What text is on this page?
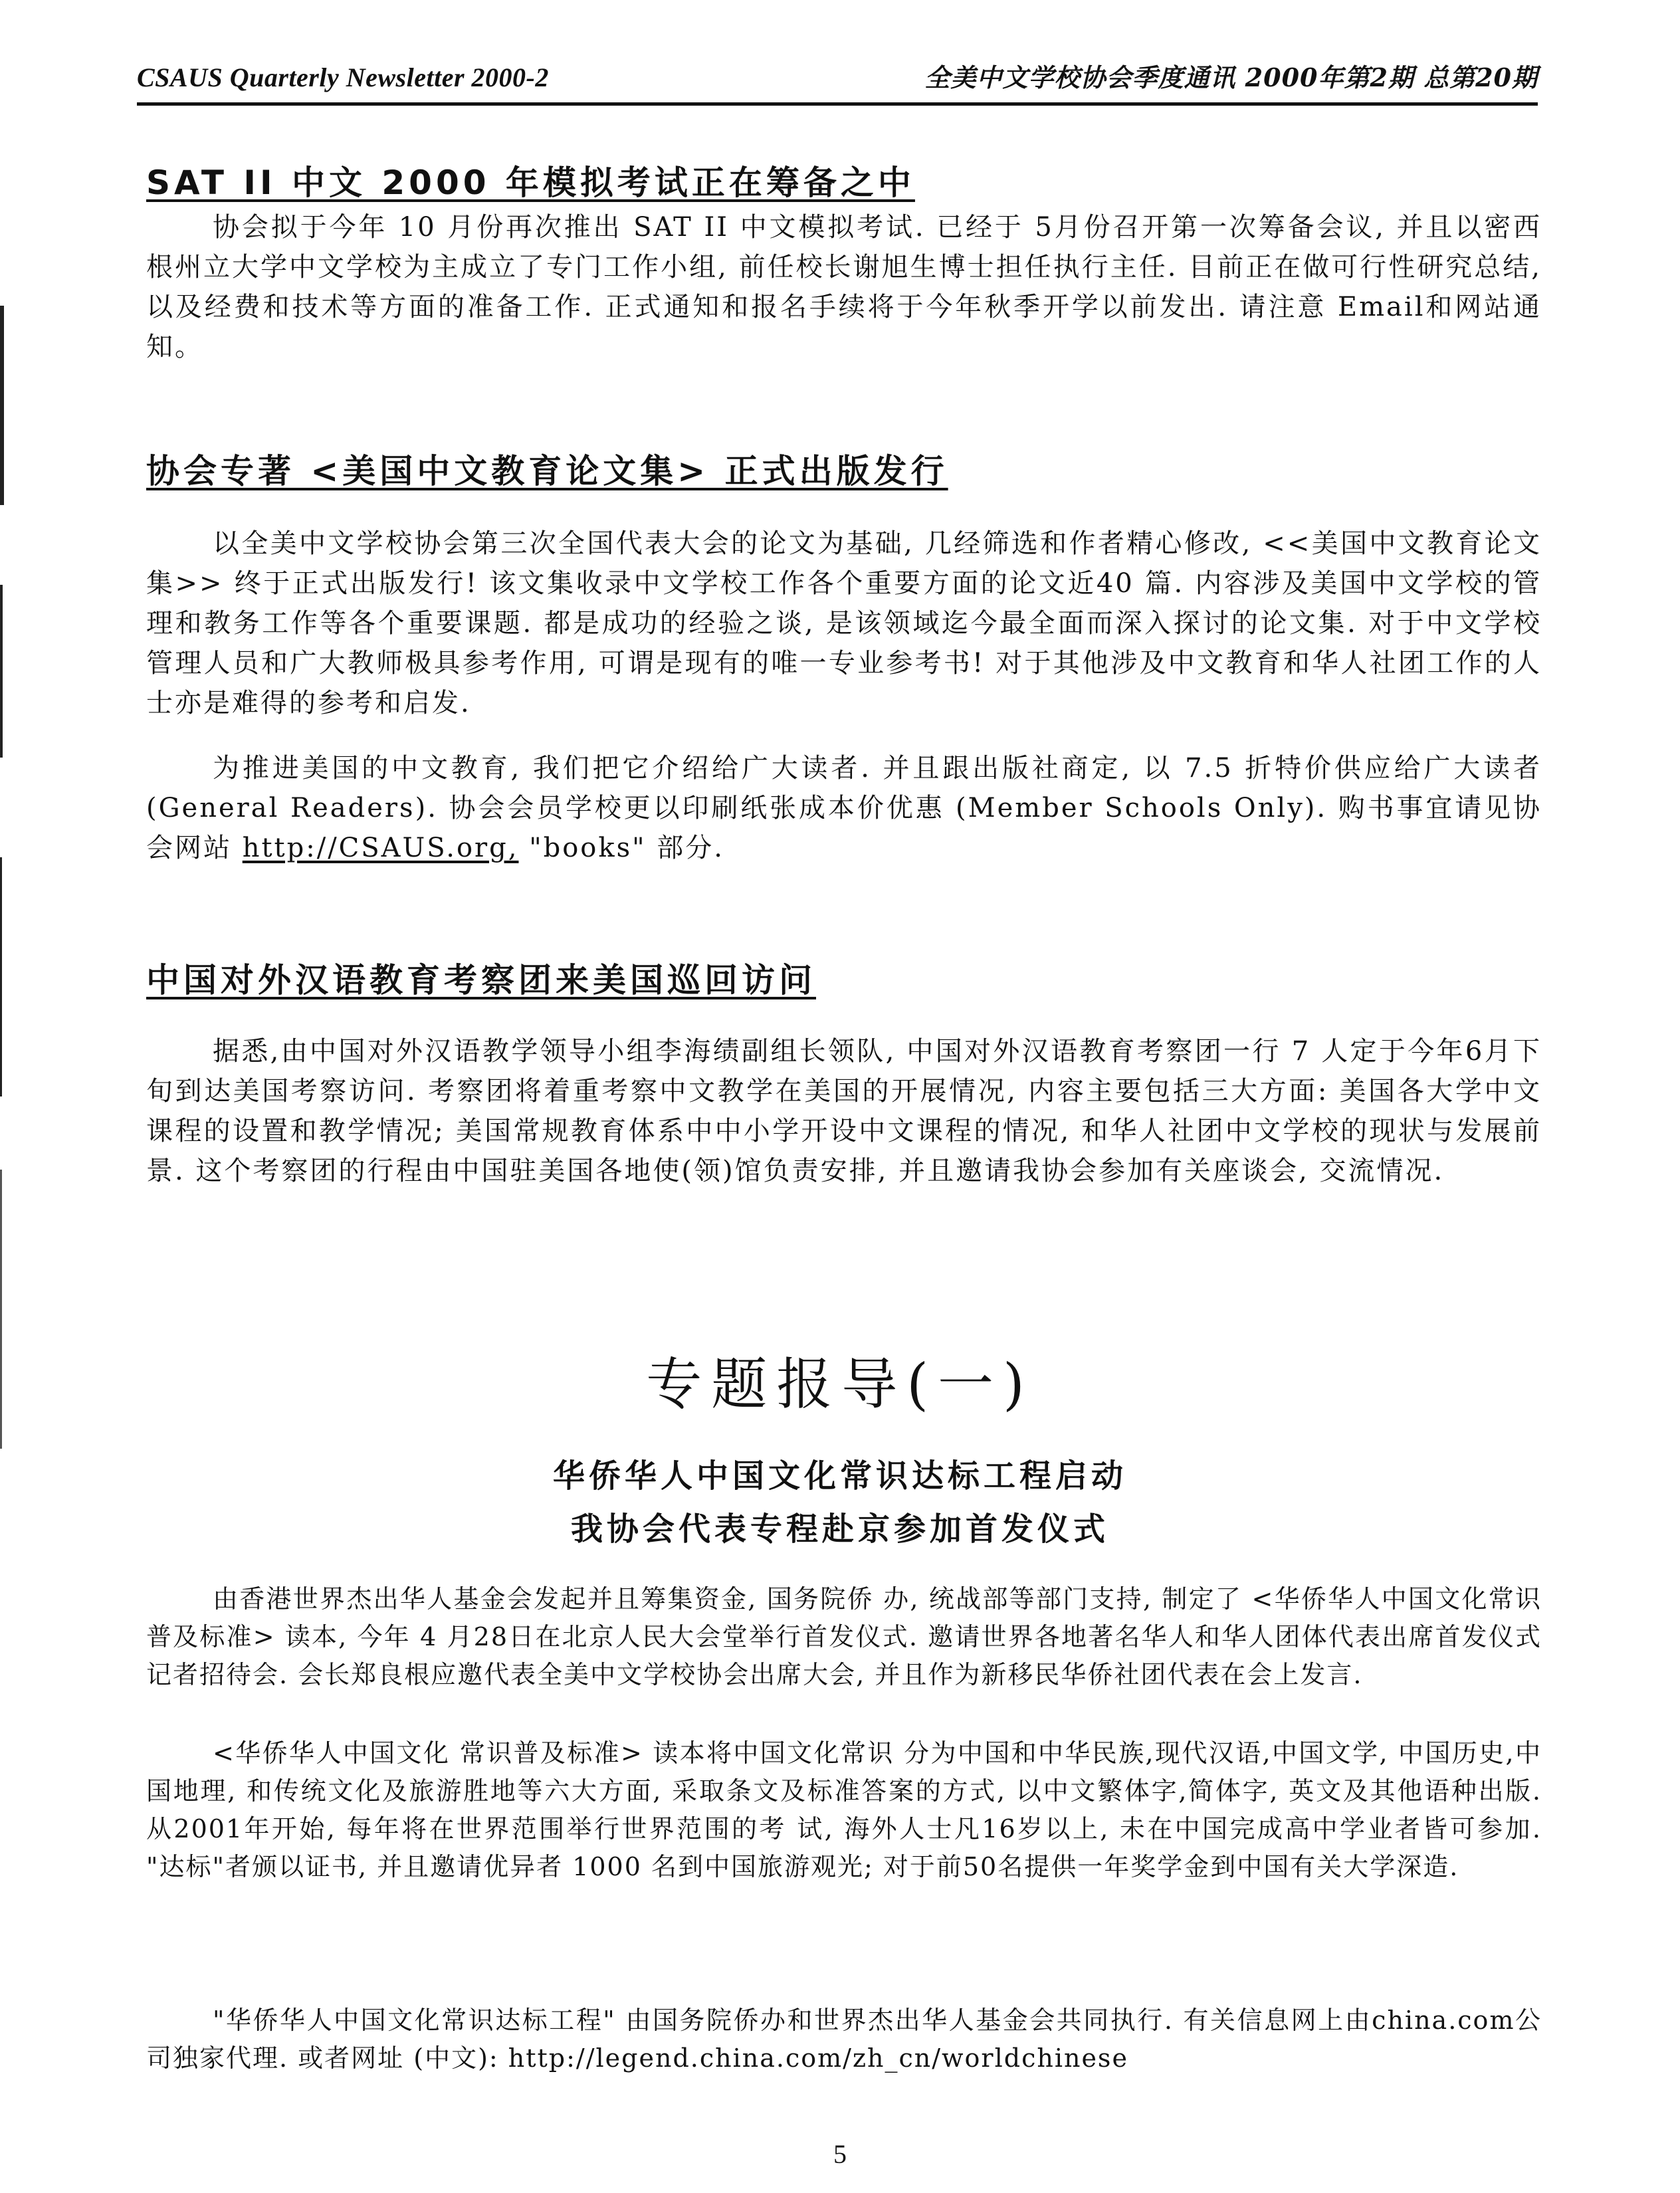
CSAUS Quarterly Newsletter 2000-2	全美中文学校协会季度通讯 2000年第2期 总第20期
SAT II 中文 2000 年模拟考试正在筹备之中

协会拟于今年 10 月份再次推出 SAT II 中文模拟考试. 已经于 5月份召开第一次筹备会议, 并且以密西根州立大学中文学校为主成立了专门工作小组, 前任校长谢旭生博士担任执行主任. 目前正在做可行性研究总结,以及经费和技术等方面的准备工作. 正式通知和报名手续将于今年秋季开学以前发出. 请注意 Email和网站通知。

协会专著 <美国中文教育论文集> 正式出版发行

以全美中文学校协会第三次全国代表大会的论文为基础, 几经筛选和作者精心修改, <<美国中文教育论文集>> 终于正式出版发行! 该文集收录中文学校工作各个重要方面的论文近40 篇. 内容涉及美国中文学校的管理和教务工作等各个重要课题. 都是成功的经验之谈, 是该领域迄今最全面而深入探讨的论文集. 对于中文学校管理人员和广大教师极具参考作用, 可谓是现有的唯一专业参考书! 对于其他涉及中文教育和华人社团工作的人士亦是难得的参考和启发.

为推进美国的中文教育, 我们把它介绍给广大读者. 并且跟出版社商定, 以 7.5 折特价供应给广大读者 (General Readers). 协会会员学校更以印刷纸张成本价优惠 (Member Schools Only). 购书事宜请见协会网站 http://CSAUS.org, "books" 部分.

中国对外汉语教育考察团来美国巡回访问

据悉,由中国对外汉语教学领导小组李海绩副组长领队, 中国对外汉语教育考察团一行 7 人定于今年6月下旬到达美国考察访问. 考察团将着重考察中文教学在美国的开展情况, 内容主要包括三大方面: 美国各大学中文课程的设置和教学情况; 美国常规教育体系中中小学开设中文课程的情况, 和华人社团中文学校的现状与发展前景. 这个考察团的行程由中国驻美国各地使(领)馆负责安排, 并且邀请我协会参加有关座谈会, 交流情况.

专题报导(一)
华侨华人中国文化常识达标工程启动
我协会代表专程赴京参加首发仪式

由香港世界杰出华人基金会发起并且筹集资金, 国务院侨 办, 统战部等部门支持, 制定了 <华侨华人中国文化常识普及标准> 读本, 今年 4 月28日在北京人民大会堂举行首发仪式. 邀请世界各地著名华人和华人团体代表出席首发仪式记者招待会. 会长郑良根应邀代表全美中文学校协会出席大会, 并且作为新移民华侨社团代表在会上发言.

<华侨华人中国文化 常识普及标准> 读本将中国文化常识 分为中国和中华民族,现代汉语,中国文学, 中国历史,中国地理, 和传统文化及旅游胜地等六大方面, 采取条文及标准答案的方式, 以中文繁体字,简体字, 英文及其他语种出版. 从2001年开始, 每年将在世界范围举行世界范围的考 试, 海外人士凡16岁以上, 未在中国完成高中学业者皆可参加. "达标"者颁以证书, 并且邀请优异者 1000 名到中国旅游观光; 对于前50名提供一年奖学金到中国有关大学深造.

"华侨华人中国文化常识达标工程" 由国务院侨办和世界杰出华人基金会共同执行. 有关信息网上由china.com公司独家代理. 或者网址 (中文): http://legend.china.com/zh_cn/worldchinese

5
